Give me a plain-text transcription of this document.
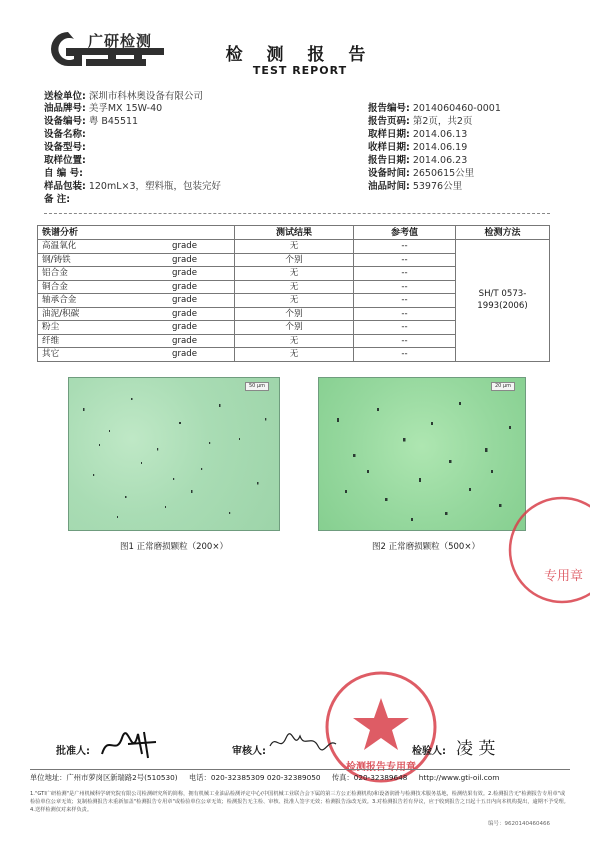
广研检测
检 测 报 告
TEST REPORT
送检单位: 深圳市科林奥设备有限公司
油品牌号: 美孚MX 15W-40
设备编号: 粤 B45511
设备名称:
设备型号:
取样位置:
自 编 号:
样品包装: 120mL×3，塑料瓶，包装完好
备 注:
报告编号: 2014060460-0001
报告页码: 第2页，共2页
取样日期: 2014.06.13
收样日期: 2014.06.19
报告日期: 2014.06.23
设备时间: 2650615公里
油品时间: 53976公里
铁谱分析		测试结果	参考值	检测方法
高温氧化	grade	无	--	SH/T 0573-1993(2006)
钢/铸铁	grade	个别	--	
铝合金	grade	无	--	
铜合金	grade	无	--	
轴承合金	grade	无	--	
油泥/积碳	grade	个别	--	
粉尘	grade	个别	--	
纤维	grade	无	--	
其它	grade	无	--	
50 μm
图1 正常磨损颗粒（200×）
20 μm
图2 正常磨损颗粒（500×）
专用章
检测报告专用章
批准人:	审核人:	检验人: 凌 英
单位地址：广州市萝岗区新瑞路2号(510530) 电话：020-32385309 020-32389050 传真：020-32389648 http://www.gti-oil.com
1."GTI广研检测"是广州机械科学研究院有限公司检测研究所的简称，拥有机械工业油品检测评定中心(中国机械工业联合会下属的第三方公正检测机构)和设备润滑与检测技术服务基地，检测结果有效。2.检测报告无"检测报告专用章"或检验单位公章无效；复制检测报告未重新加盖"检测报告专用章"或检验单位公章无效；检测报告无主检、审核、批准人签字无效；检测报告涂改无效。3.对检测报告若有异议，应于收到报告之日起十五日内向本机构提出，逾期不予受理。4.送样检测仅对来样负责。
编号：9620140460466
